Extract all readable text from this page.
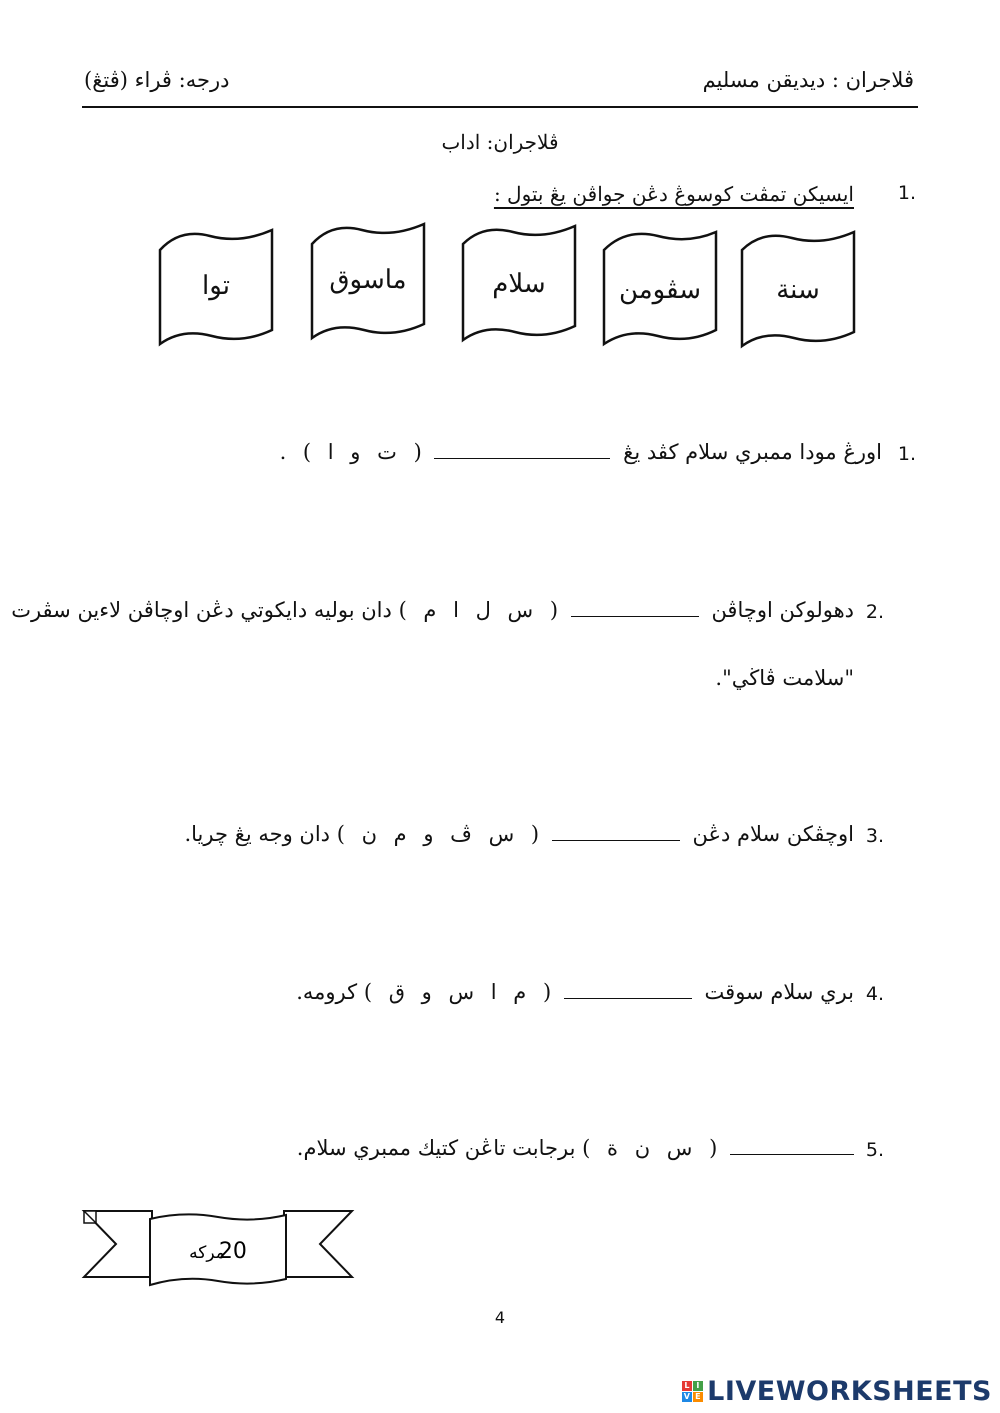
ڤلاجران : ديديقن مسليم
درجه: ڤراء (ڤتڠ)
ڤلاجران: اداب
1.
ايسيكن تمڤت كوسوڠ دڠن جواڤن يڠ بتول :
توا	ماسوق	سلام	سڤومن	سنة
اورڠ مودا ممبري سلام كڤد يڠ  ( ت و ا ) .	1.
دهولوكن اوچاڤن  ( س ل ا م ) دان بوليه دايكوتي دڠن اوچاڤن لاءين سڤرت	2.
"سلامت ڤاڬي".
اوچڤكن سلام دڠن  ( س ڤ و م ن ) دان وجه يڠ چريا.	3.
بري سلام سوقت  ( م ا س و ق ) كرومه.	4.
( س ن ة ) برجابت تاڠن كتيك ممبري سلام.	5.
20مركه
4
L I
V E LIVEWORKSHEETS
